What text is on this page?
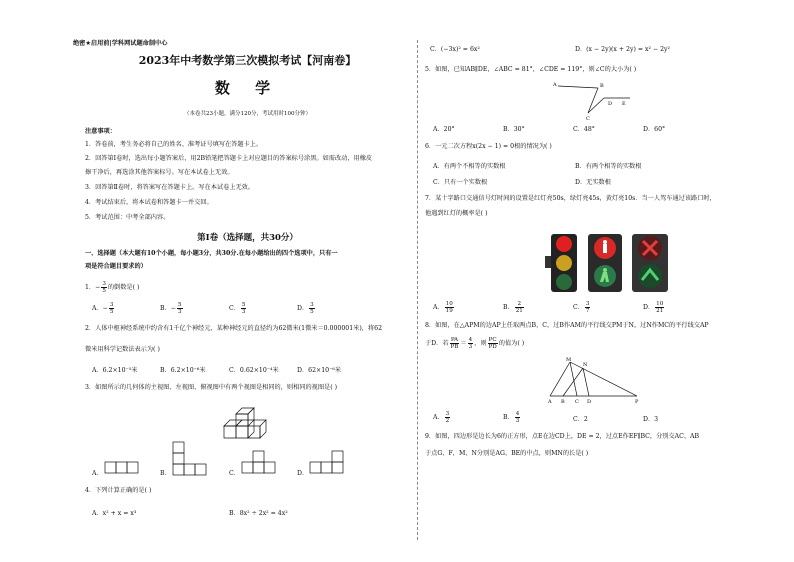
绝密★启用前|学科网试题命制中心
2023年中考数学第三次模拟考试【河南卷】
数 学
（本卷共23小题，满分120分，考试用时100分钟）
注意事项：
1．答卷前，考生务必将自己的姓名、准考证号填写在答题卡上。
2．回答第Ⅰ卷时，选出每小题答案后，用2B铅笔把答题卡上对应题目的答案标号涂黑。如需改动，用橡皮
擦干净后，再选涂其他答案标号。写在本试卷上无效。
3．回答第Ⅱ卷时，将答案写在答题卡上。写在本试卷上无效。
4．考试结束后，将本试卷和答题卡一并交回。
5．考试范围：中考全部内容。
第Ⅰ卷（选择题，共30分）
一、选择题（本大题有10个小题，每小题3分，共30分.在每小题给出的四个选项中，只有一
项是符合题目要求的）
1．− $\frac{3}{5}$ 的倒数是( )
A．− $\frac{3}{5}$	B．− $\frac{5}{3}$	C． $\frac{5}{3}$	D． $\frac{3}{5}$
2．人体中枢神经系统中约含有1千亿个神经元，某种神经元的直径约为62微米(1微米＝0.000001米)，将62
微米用科学记数法表示为( )
A．6.2×10⁻⁵米	B．6.2×10⁻⁶米	C．0.62×10⁻⁴米	D．62×10⁻⁶米
3．如图所示的几何体的主视图、左视图、俯视图中有两个视图是相同的，则相同的视图是( )
A．	B．	C．	D．
4．下列计算正确的是( )
A．x² + x = x³	B．8x² ÷ 2x² = 4x²
C．(−3x)² = 6x²	D．(x − 2y)(x + 2y) = x² − 2y²
5．如图，已知AB∥DE，∠ABC = 81°，∠CDE = 119°，则∠C的大小为( )
A	B
D E
C
A．20°	B．30°	C．48°	D．60°
6．一元二次方程x(2x − 1) = 0根的情况为( )
A．有两个不相等的实数根	B．有两个相等的实数根
C．只有一个实数根	D．无实数根
7．某十字路口交通信号灯时间的设置是红灯亮50s，绿灯亮45s，黄灯亮10s．当一人驾车通过该路口时，
他遇到红灯的概率是( )
A． $\frac{10}{19}$	B． $\frac{2}{21}$	C． $\frac{3}{7}$	D． $\frac{10}{21}$
8．如图，在△APM的边AP上任取两点B，C，过B作AM的平行线交PM于N，过N作MC的平行线交AP
于D．若 $\frac{PA}{PB} = \frac{4}{3}$ ，则 $\frac{PC}{PD}$ 的值为( )
M
N
A B C D	P
A． $\frac{3}{2}$	B． $\frac{4}{3}$	C．2	D．3
9．如图，四边形是边长为6的正方形，点E在边CD上，DE = 2，过点E作EF∥BC，分别交AC、AB
于点G、F，M、N分别是AG、BE的中点，则MN的长是( )
